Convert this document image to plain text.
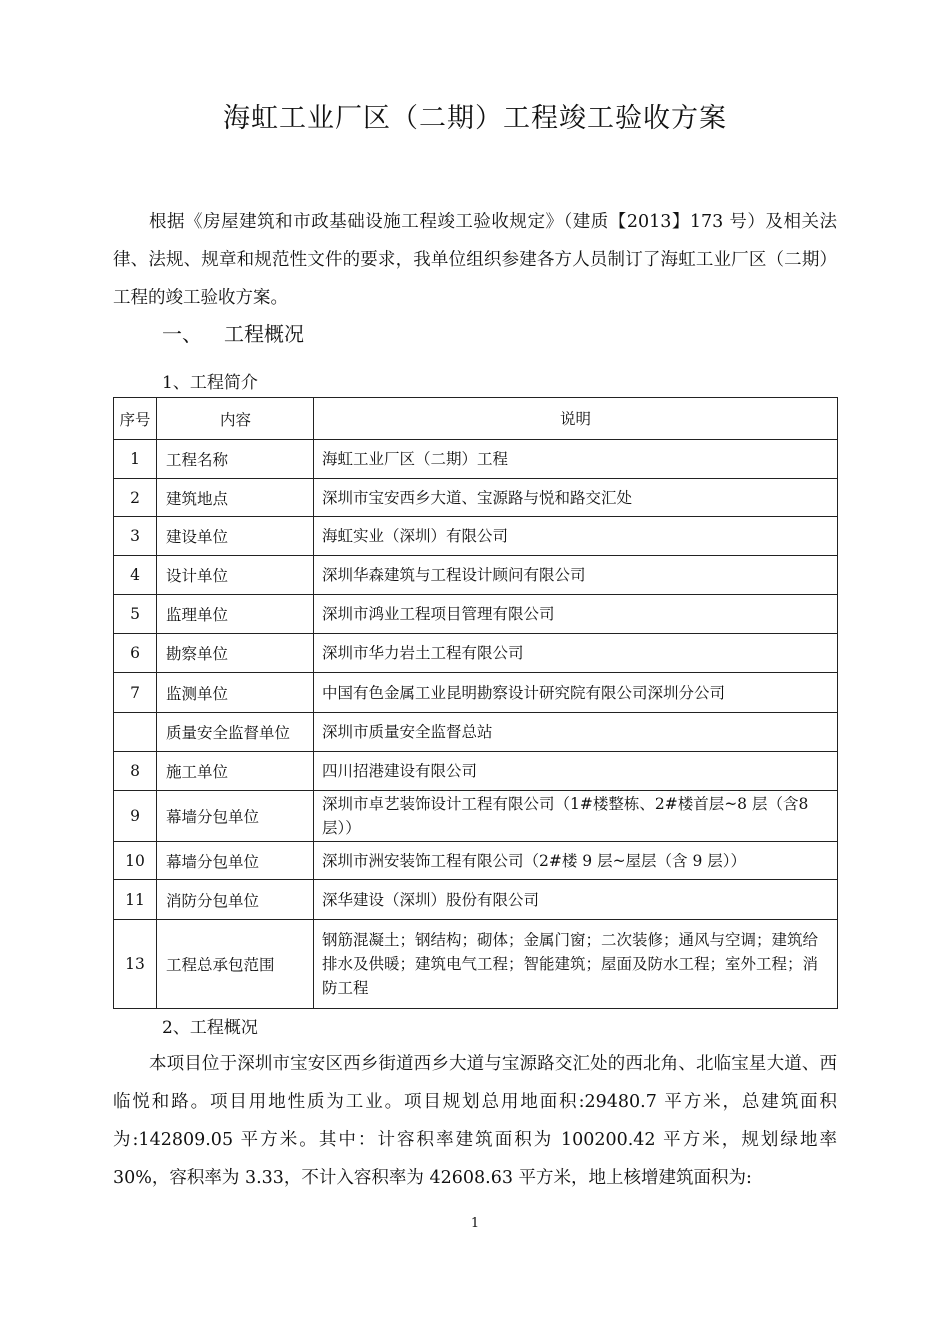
海虹工业厂区（二期）工程竣工验收方案

根据《房屋建筑和市政基础设施工程竣工验收规定》（建质【2013】173 号）及相关法律、法规、规章和规范性文件的要求，我单位组织参建各方人员制订了海虹工业厂区（二期）工程的竣工验收方案。

一、 工程概况
1、工程简介
序号	内容	说明
1	工程名称	海虹工业厂区（二期）工程
2	建筑地点	深圳市宝安西乡大道、宝源路与悦和路交汇处
3	建设单位	海虹实业（深圳）有限公司
4	设计单位	深圳华森建筑与工程设计顾问有限公司
5	监理单位	深圳市鸿业工程项目管理有限公司
6	勘察单位	深圳市华力岩土工程有限公司
7	监测单位	中国有色金属工业昆明勘察设计研究院有限公司深圳分公司
	质量安全监督单位	深圳市质量安全监督总站
8	施工单位	四川招港建设有限公司
9	幕墙分包单位	深圳市卓艺装饰设计工程有限公司（1#楼整栋、2#楼首层~8 层（含8层））
10	幕墙分包单位	深圳市洲安装饰工程有限公司（2#楼 9 层~屋层（含 9 层））
11	消防分包单位	深华建设（深圳）股份有限公司
13	工程总承包范围	钢筋混凝土；钢结构；砌体；金属门窗；二次装修；通风与空调；建筑给排水及供暖；建筑电气工程；智能建筑；屋面及防水工程；室外工程；消防工程
2、工程概况

本项目位于深圳市宝安区西乡街道西乡大道与宝源路交汇处的西北角、北临宝星大道、西临悦和路。项目用地性质为工业。项目规划总用地面积:29480.7 平方米，总建筑面积为:142809.05 平方米。其中：计容积率建筑面积为 100200.42 平方米，规划绿地率 30%，容积率为 3.33，不计入容积率为 42608.63 平方米，地上核增建筑面积为:

1
